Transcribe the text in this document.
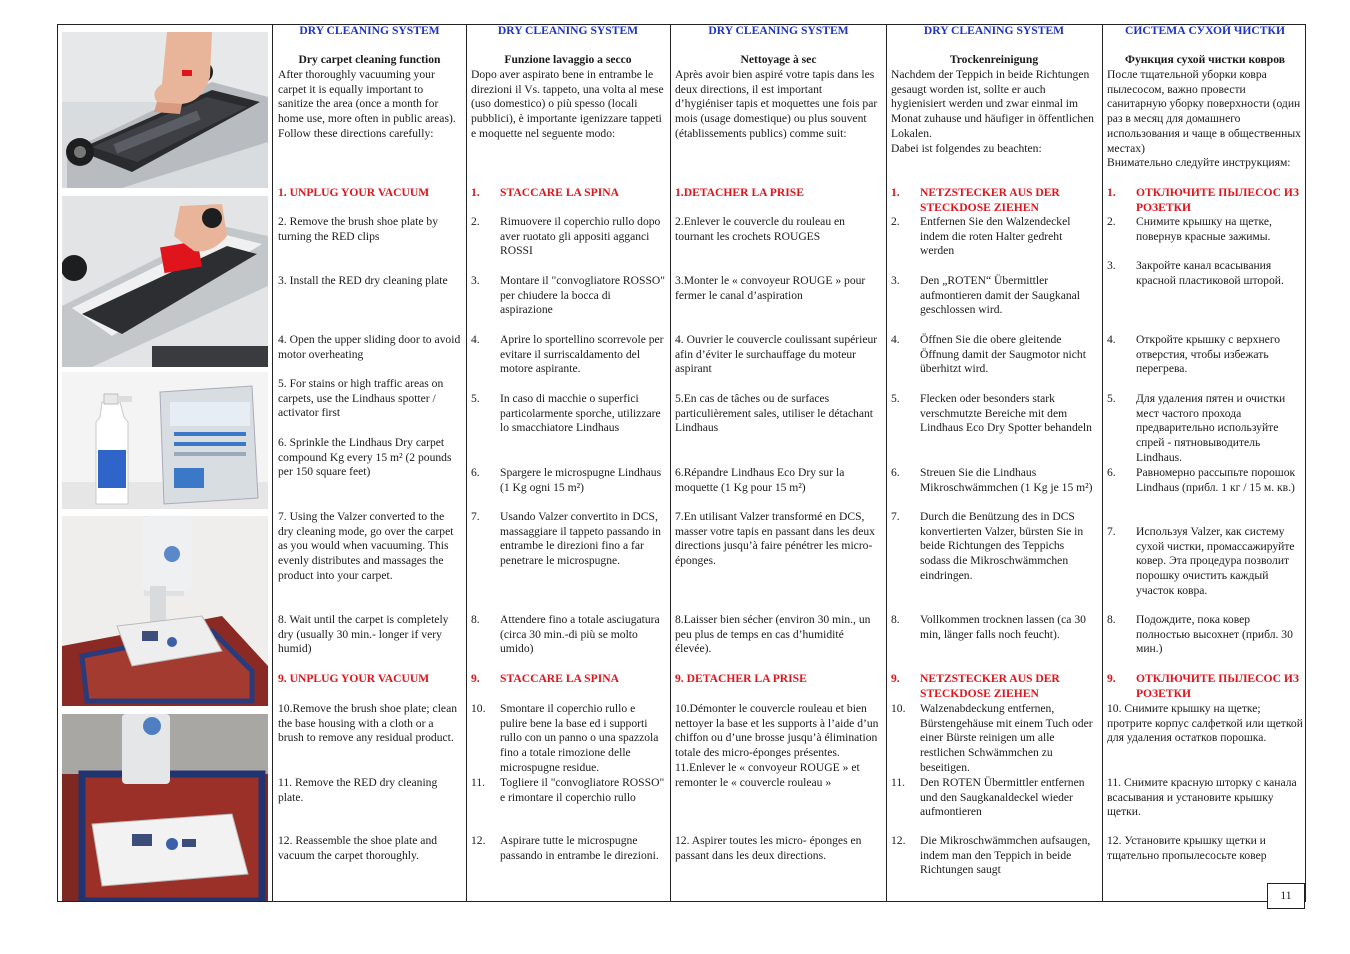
DRY CLEANING SYSTEM
Dry carpet cleaning function
After thoroughly vacuuming your carpet it is equally important to sanitize the area (once a month for home use, more often in public areas).
Follow these directions carefully:
1. UNPLUG YOUR VACUUM
2. Remove the brush shoe plate by turning the RED clips
3. Install the RED dry cleaning plate
4. Open the upper sliding door to avoid motor overheating
5. For stains or high traffic areas on carpets, use the Lindhaus spotter / activator first

6. Sprinkle the Lindhaus Dry carpet compound Kg every 15 m² (2 pounds per 150 square feet)
7. Using the Valzer converted to the dry cleaning mode, go over the carpet as you would when vacuuming. This evenly distributes and massages the product into your carpet.
8. Wait until the carpet is completely dry (usually 30 min.- longer if very humid)
9. UNPLUG YOUR VACUUM
10.Remove the brush shoe plate; clean the base housing with a cloth or a brush to remove any residual product.
11. Remove the RED dry cleaning plate.
12. Reassemble the shoe plate and vacuum the carpet thoroughly.
DRY CLEANING SYSTEM
Funzione lavaggio a secco
Dopo aver aspirato bene in entrambe le direzioni il Vs. tappeto, una volta al mese (uso domestico) o più spesso (locali pubblici), è importante igenizzare tappeti e moquette nel seguente modo:
1.	STACCARE LA SPINA
2.	Rimuovere il coperchio rullo dopo aver ruotato gli appositi agganci ROSSI
3.	Montare il "convogliatore ROSSO" per chiudere la bocca di aspirazione
4.	Aprire lo sportellino scorrevole per evitare il surriscaldamento del motore aspirante.
5.	In caso di macchie o superfici particolarmente sporche, utilizzare lo smacchiatore Lindhaus
6.	Spargere le microspugne Lindhaus (1 Kg ogni 15 m²)
7.	Usando Valzer convertito in DCS, massaggiare il tappeto passando in entrambe le direzioni fino a far penetrare le microspugne.
8.	Attendere fino a totale asciugatura (circa 30 min.-di più se molto umido)
9.	STACCARE LA SPINA
10.	Smontare il coperchio rullo e pulire bene la base ed i supporti rullo con un panno o una spazzola fino a totale rimozione delle microspugne residue.
11.	Togliere il "convogliatore ROSSO" e rimontare il coperchio rullo
12.	Aspirare tutte le microspugne passando in entrambe le direzioni.
DRY CLEANING SYSTEM
Nettoyage à sec
Après avoir bien aspiré votre tapis dans les deux directions, il est important d’hygiéniser tapis et moquettes une fois par mois (usage domestique) ou plus souvent (établissements publics) comme suit:
1.DETACHER LA PRISE
2.Enlever le couvercle du rouleau en tournant les crochets ROUGES
3.Monter le « convoyeur ROUGE » pour fermer le canal d’aspiration
4. Ouvrier le couvercle coulissant supérieur afin d’éviter le surchauffage du moteur aspirant
5.En cas de tâches ou de surfaces particulièrement sales, utiliser le détachant Lindhaus
6.Répandre Lindhaus Eco Dry sur la moquette (1 Kg pour 15 m²)
7.En utilisant Valzer transformé en DCS, masser votre tapis en passant dans les deux directions jusqu’à faire pénétrer les micro-éponges.
8.Laisser bien sécher (environ 30 min., un peu plus de temps en cas d’humidité élevée).
9. DETACHER LA PRISE
10.Démonter le couvercle rouleau et bien nettoyer la base et les supports à l’aide d’un chiffon ou d’une brosse jusqu’à élimination totale des micro-éponges présentes.
11.Enlever le « convoyeur ROUGE » et remonter le « couvercle rouleau »
12. Aspirer toutes les micro- éponges en passant dans les deux directions.
DRY CLEANING SYSTEM
Trockenreinigung
Nachdem der Teppich in beide Richtungen gesaugt worden ist, sollte er auch hygienisiert werden und zwar einmal im Monat zuhause und häufiger in öffentlichen Lokalen.
Dabei ist folgendes zu beachten:
1.	NETZSTECKER AUS DER STECKDOSE ZIEHEN
2.	Entfernen Sie den Walzendeckel indem die roten Halter gedreht werden
3.	Den „ROTEN“ Übermittler aufmontieren damit der Saugkanal geschlossen wird.
4.	Öffnen Sie die obere gleitende Öffnung damit der Saugmotor nicht überhitzt wird.
5.	Flecken oder besonders stark verschmutzte Bereiche mit dem Lindhaus Eco Dry Spotter behandeln
6.	Streuen Sie die Lindhaus Mikroschwämmchen (1 Kg je 15 m²)
7.	Durch die Benützung des in DCS konvertierten Valzer, bürsten Sie in beide Richtungen des Teppichs sodass die Mikroschwämmchen eindringen.
8.	Vollkommen trocknen lassen (ca 30 min, länger falls noch feucht).
9.	NETZSTECKER AUS DER STECKDOSE ZIEHEN
10.	Walzenabdeckung entfernen, Bürstengehäuse mit einem Tuch oder einer Bürste reinigen um alle restlichen Schwämmchen zu beseitigen.
11.	Den ROTEN Übermittler entfernen und den Saugkanaldeckel wieder aufmontieren
12.	Die Mikroschwämmchen aufsaugen, indem man den Teppich in beide Richtungen saugt
СИСТЕМА СУХОЙ ЧИСТКИ
Функция сухой чистки ковров
После тщательной уборки ковра пылесосом, важно провести санитарную уборку поверхности (один раз в месяц для домашнего использования и чаще в общественных местах)
Внимательно следуйте инструкциям:
1.	ОТКЛЮЧИТЕ ПЫЛЕСОС ИЗ РОЗЕТКИ
2.	Снимите крышку на щетке, повернув красные зажимы.
3.	Закройте канал всасывания красной пластиковой шторой.
4.	Откройте крышку с верхнего отверстия, чтобы избежать перегрева.
5.	Для удаления пятен и очистки мест частого прохода предварительно используйте спрей - пятновыводитель Lindhaus.
6.	Равномерно рассыпьте порошок Lindhaus (прибл. 1 кг / 15 м. кв.)
7.	Используя Valzer, как систему сухой чистки, промассажируйте ковер. Эта процедура позволит порошку очистить каждый участок ковра.
8.	Подождите, пока ковер полностью высохнет (прибл. 30 мин.)
9.	ОТКЛЮЧИТЕ ПЫЛЕСОС ИЗ РОЗЕТКИ
10. Снимите крышку на щетке; протрите корпус салфеткой или щеткой для удаления остатков порошка.
11. Снимите красную шторку с канала всасывания и установите крышку щетки.
12. Установите крышку щетки и тщательно пропылесосьте ковер
11
